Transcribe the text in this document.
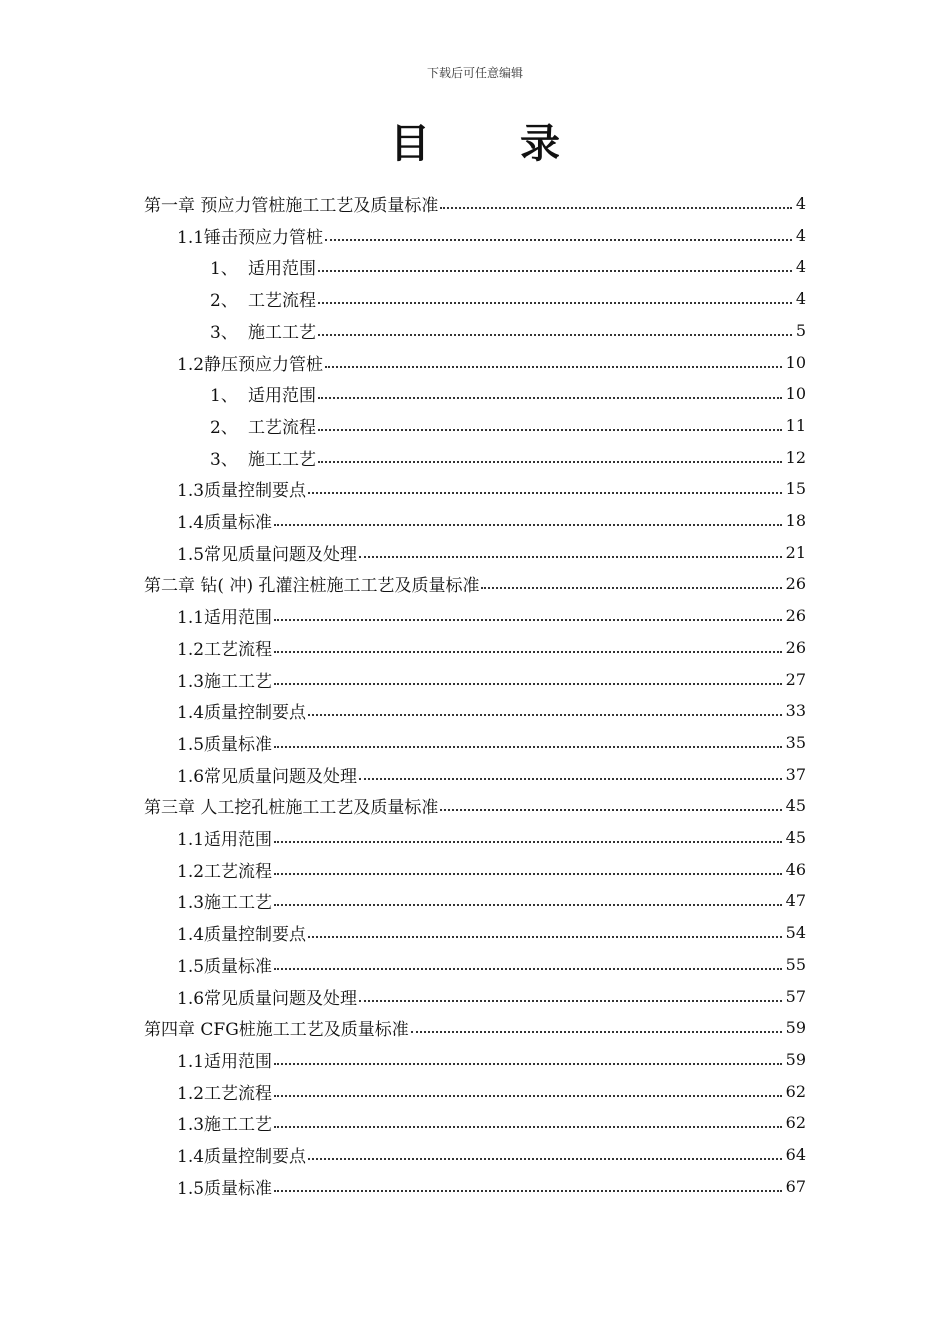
下载后可任意编辑
目 录
第一章 预应力管桩施工工艺及质量标准	4
1.1锤击预应力管桩	4
1、 适用范围	4
2、 工艺流程	4
3、 施工工艺	5
1.2静压预应力管桩	10
1、 适用范围	10
2、 工艺流程	11
3、 施工工艺	12
1.3质量控制要点	15
1.4质量标准	18
1.5常见质量问题及处理	21
第二章 钻( 冲) 孔灌注桩施工工艺及质量标准	26
1.1适用范围	26
1.2工艺流程	26
1.3施工工艺	27
1.4质量控制要点	33
1.5质量标准	35
1.6常见质量问题及处理	37
第三章 人工挖孔桩施工工艺及质量标准	45
1.1适用范围	45
1.2工艺流程	46
1.3施工工艺	47
1.4质量控制要点	54
1.5质量标准	55
1.6常见质量问题及处理	57
第四章 CFG桩施工工艺及质量标准	59
1.1适用范围	59
1.2工艺流程	62
1.3施工工艺	62
1.4质量控制要点	64
1.5质量标准	67
